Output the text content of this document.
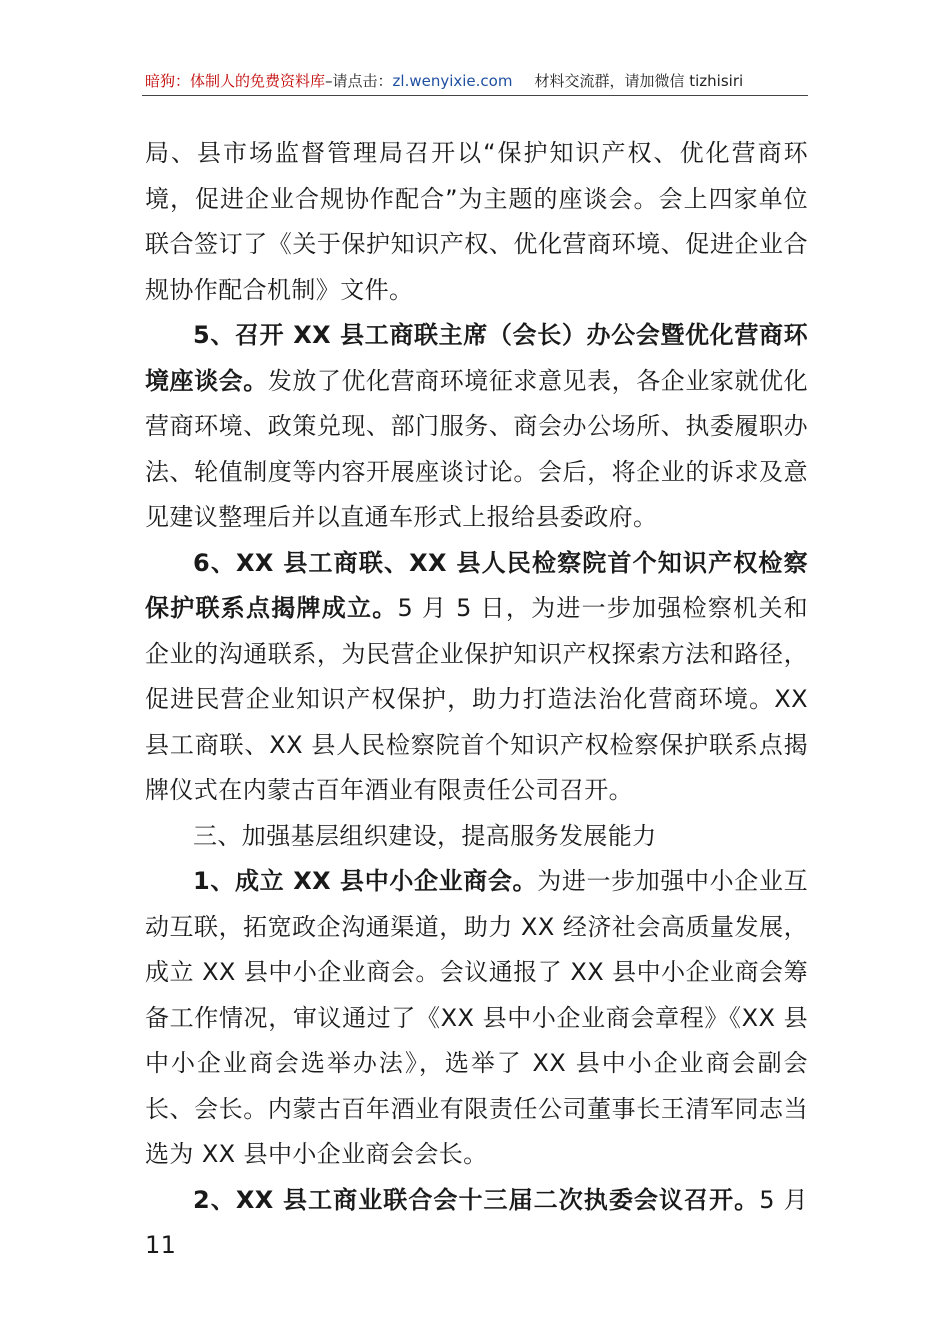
暗狗：体制人的免费资料库–请点击：zl.wenyixie.com 材料交流群，请加微信 tizhisiri

局、县市场监督管理局召开以“保护知识产权、优化营商环境，促进企业合规协作配合”为主题的座谈会。会上四家单位联合签订了《关于保护知识产权、优化营商环境、促进企业合规协作配合机制》文件。

5、召开 XX 县工商联主席（会长）办公会暨优化营商环境座谈会。发放了优化营商环境征求意见表，各企业家就优化营商环境、政策兑现、部门服务、商会办公场所、执委履职办法、轮值制度等内容开展座谈讨论。会后，将企业的诉求及意见建议整理后并以直通车形式上报给县委政府。

6、XX 县工商联、XX 县人民检察院首个知识产权检察保护联系点揭牌成立。5 月 5 日，为进一步加强检察机关和企业的沟通联系，为民营企业保护知识产权探索方法和路径，促进民营企业知识产权保护，助力打造法治化营商环境。XX 县工商联、XX 县人民检察院首个知识产权检察保护联系点揭牌仪式在内蒙古百年酒业有限责任公司召开。

三、加强基层组织建设，提高服务发展能力

1、成立 XX 县中小企业商会。为进一步加强中小企业互动互联，拓宽政企沟通渠道，助力 XX 经济社会高质量发展，成立 XX 县中小企业商会。会议通报了 XX 县中小企业商会筹备工作情况，审议通过了《XX 县中小企业商会章程》《XX 县中小企业商会选举办法》，选举了 XX 县中小企业商会副会长、会长。内蒙古百年酒业有限责任公司董事长王清军同志当选为 XX 县中小企业商会会长。

2、XX 县工商业联合会十三届二次执委会议召开。5 月 11
